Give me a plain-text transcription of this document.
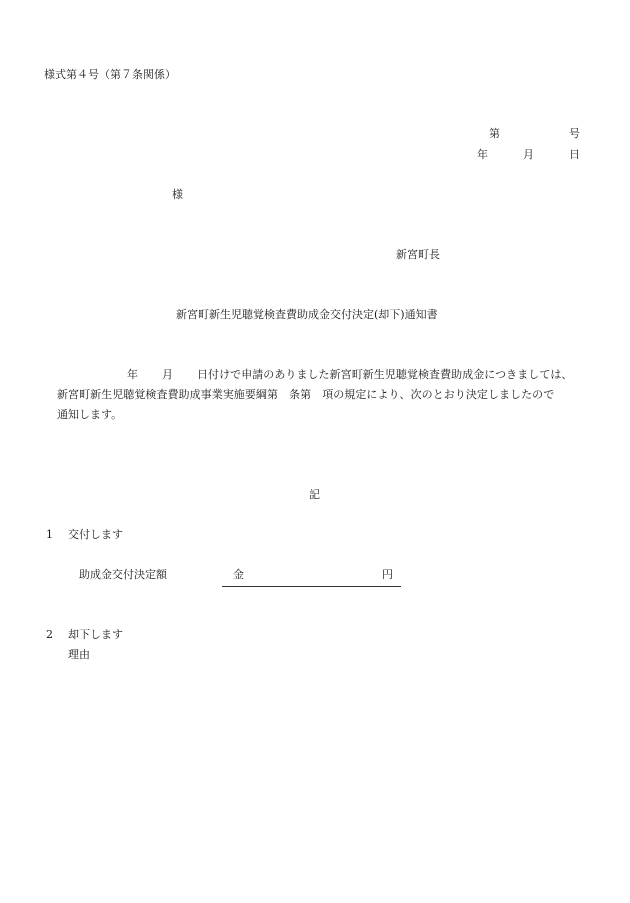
様式第４号（第７条関係）
第	号
年	月	日
様
新宮町長
新宮町新生児聴覚検査費助成金交付決定(却下)通知書
年 月 日付けで申請のありました新宮町新生児聴覚検査費助成金につきましては、
新宮町新生児聴覚検査費助成事業実施要綱第　条第　項の規定により、次のとおり決定しましたので
通知します。
記
1 交付します
助成金交付決定額	金	円
2 却下します
理由
